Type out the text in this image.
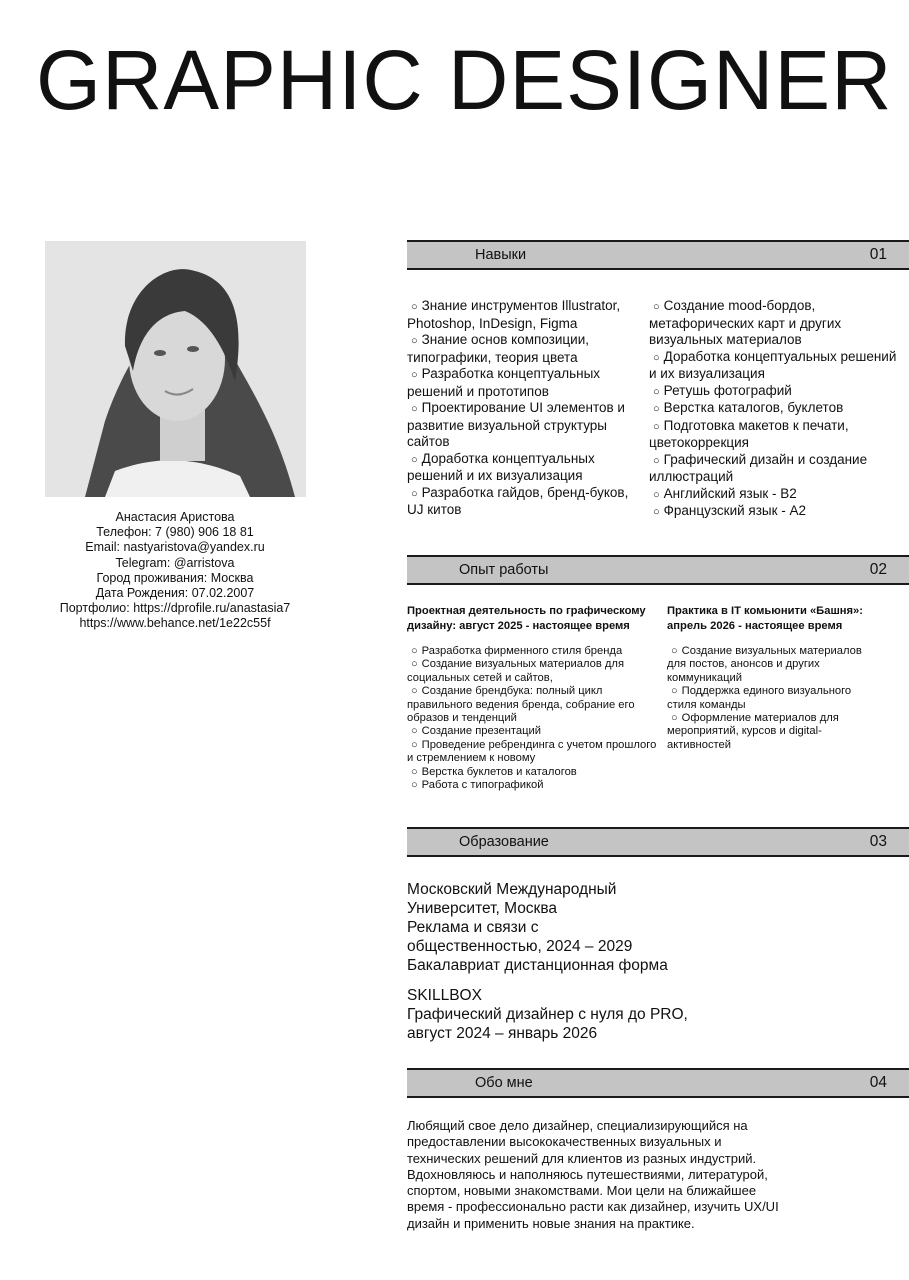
GRAPHIC DESIGNER
Анастасия Аристова
Телефон: 7 (980) 906 18 81
Email: nastyaristova@yandex.ru
Telegram: @arristova
Город проживания: Москва
Дата Рождения: 07.02.2007
Портфолио: https://dprofile.ru/anastasia7
https://www.behance.net/1e22c55f
Навыки	01
○ Знание инструментов Illustrator, Photoshop, InDesign, Figma
○ Знание основ композиции, типографики, теория цвета
○ Разработка концептуальных решений и прототипов
○ Проектирование UI элементов и развитие визуальной структуры сайтов
○ Доработка концептуальных решений и их визуализация
○ Разработка гайдов, бренд-буков, UJ китов
○ Создание mood-бордов, метафорических карт и других визуальных материалов
○ Доработка концептуальных решений и их визуализация
○ Ретушь фотографий
○ Верстка каталогов, буклетов
○ Подготовка макетов к печати, цветокоррекция
○ Графический дизайн и создание иллюстраций
○ Английский язык - B2
○ Французский язык - A2
Опыт работы	02
Проектная деятельность по графическому дизайну: август 2025 - настоящее время
○ Разработка фирменного стиля бренда
○ Создание визуальных материалов для социальных сетей и сайтов,
○ Создание брендбука: полный цикл правильного ведения бренда, собрание его образов и тенденций
○ Создание презентаций
○ Проведение ребрендинга с учетом прошлого и стремлением к новому
○ Верстка буклетов и каталогов
○ Работа с типографикой
Практика в IT комьюнити «Башня»: апрель 2026 - настоящее время
○ Создание визуальных материалов для постов, анонсов и других коммуникаций
○ Поддержка единого визуального стиля команды
○ Оформление материалов для мероприятий, курсов и digital-активностей
Образование	03
Московский Международный
Университет, Москва
Реклама и связи с
общественностью, 2024 – 2029
Бакалавриат дистанционная форма
SKILLBOX
Графический дизайнер с нуля до PRO,
август 2024 – январь 2026
Обо мне	04
Любящий свое дело дизайнер, специализирующийся на предоставлении высококачественных визуальных и технических решений для клиентов из разных индустрий. Вдохновляюсь и наполняюсь путешествиями, литературой, спортом, новыми знакомствами. Мои цели на ближайшее время - профессионально расти как дизайнер, изучить UX/UI дизайн и применить новые знания на практике.
